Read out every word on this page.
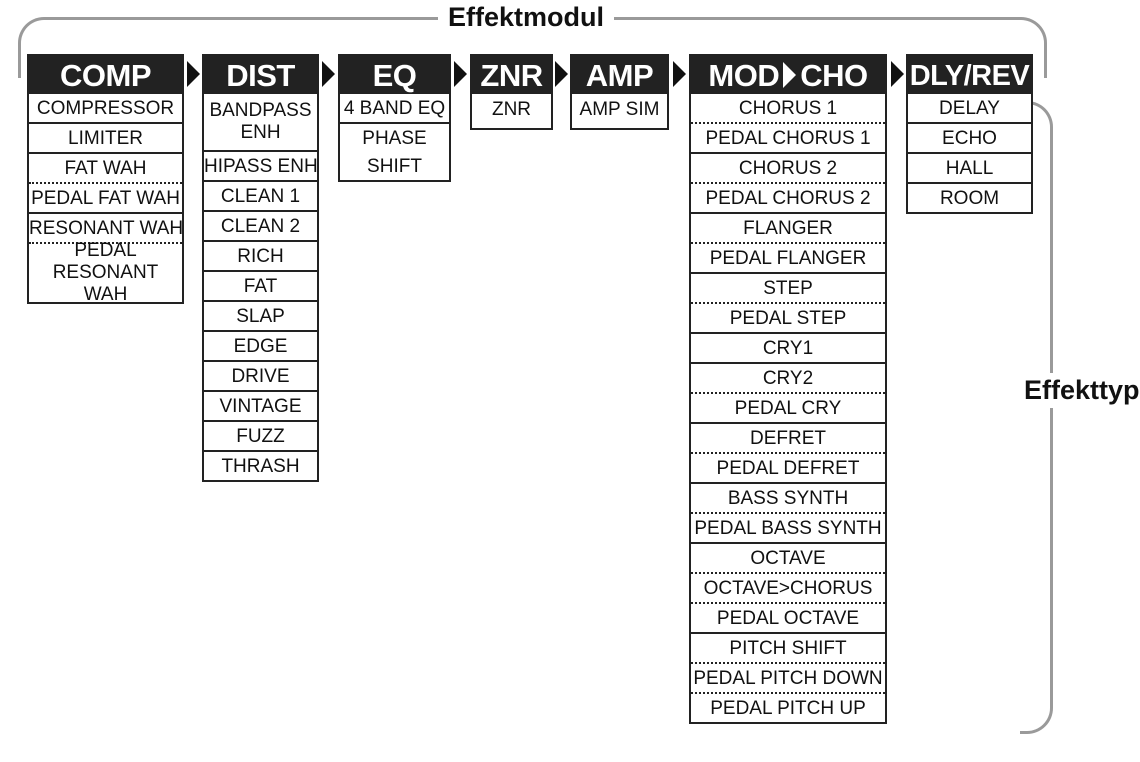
Effektmodul
Effekttyp
COMP
COMPRESSOR
LIMITER
FAT WAH
PEDAL FAT WAH
RESONANT WAH
PEDAL RESONANT WAH
DIST
BANDPASS ENH
HIPASS ENH
CLEAN 1
CLEAN 2
RICH
FAT
SLAP
EDGE
DRIVE
VINTAGE
FUZZ
THRASH
EQ
4 BAND EQ
PHASE
SHIFT
ZNR
ZNR
AMP
AMP SIM
MOD CHO
CHORUS 1
PEDAL CHORUS 1
CHORUS 2
PEDAL CHORUS 2
FLANGER
PEDAL FLANGER
STEP
PEDAL STEP
CRY1
CRY2
PEDAL CRY
DEFRET
PEDAL DEFRET
BASS SYNTH
PEDAL BASS SYNTH
OCTAVE
OCTAVE>CHORUS
PEDAL OCTAVE
PITCH SHIFT
PEDAL PITCH DOWN
PEDAL PITCH UP
DLY/REV
DELAY
ECHO
HALL
ROOM
